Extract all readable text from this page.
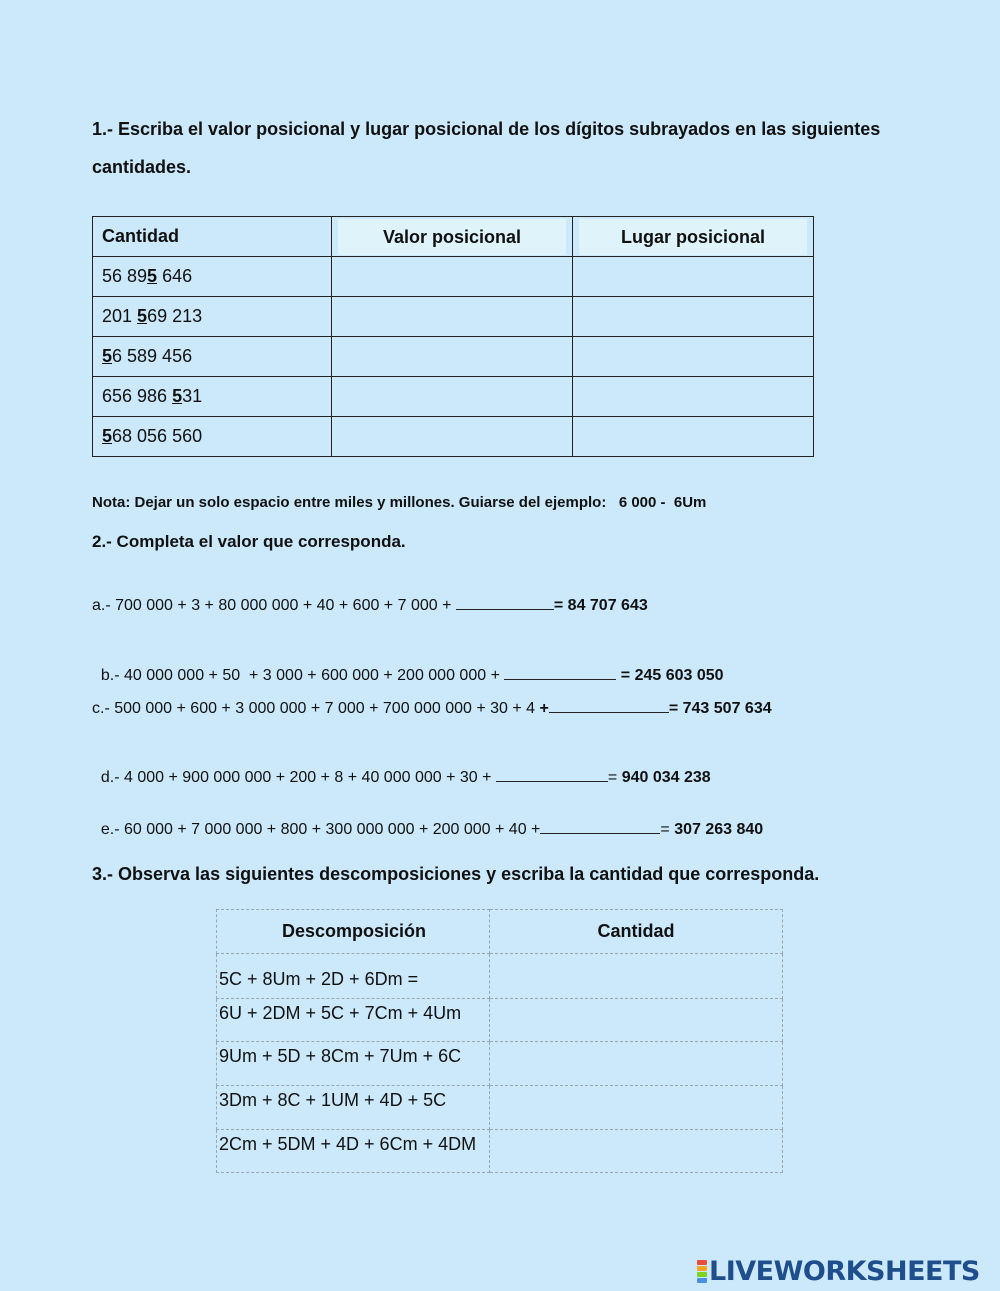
1.- Escriba el valor posicional y lugar posicional de los dígitos subrayados en las siguientes
cantidades.
Cantidad	Valor posicional	Lugar posicional

56 895 646		
201 569 213		
56 589 456		
656 986 531		
568 056 560		
Nota: Dejar un solo espacio entre miles y millones. Guiarse del ejemplo:   6 000 -  6Um
2.- Completa el valor que corresponda.
a.- 700 000 + 3 + 80 000 000 + 40 + 600 + 7 000 +	= 84 707 643

b.- 40 000 000 + 50  + 3 000 + 600 000 + 200 000 000 +	= 245 603 050

c.- 500 000 + 600 + 3 000 000 + 7 000 + 700 000 000 + 30 + 4 +	= 743 507 634

d.- 4 000 + 900 000 000 + 200 + 8 + 40 000 000 + 30 +	= 940 034 238

e.- 60 000 + 7 000 000 + 800 + 300 000 000 + 200 000 + 40 +	= 307 263 840

3.- Observa las siguientes descomposiciones y escriba la cantidad que corresponda.
Descomposición	Cantidad
5C + 8Um + 2D + 6Dm =	
6U + 2DM + 5C + 7Cm + 4Um	
9Um + 5D + 8Cm + 7Um + 6C	
3Dm + 8C + 1UM + 4D + 5C	
2Cm + 5DM + 4D + 6Cm + 4DM	
LIVEWORKSHEETS
